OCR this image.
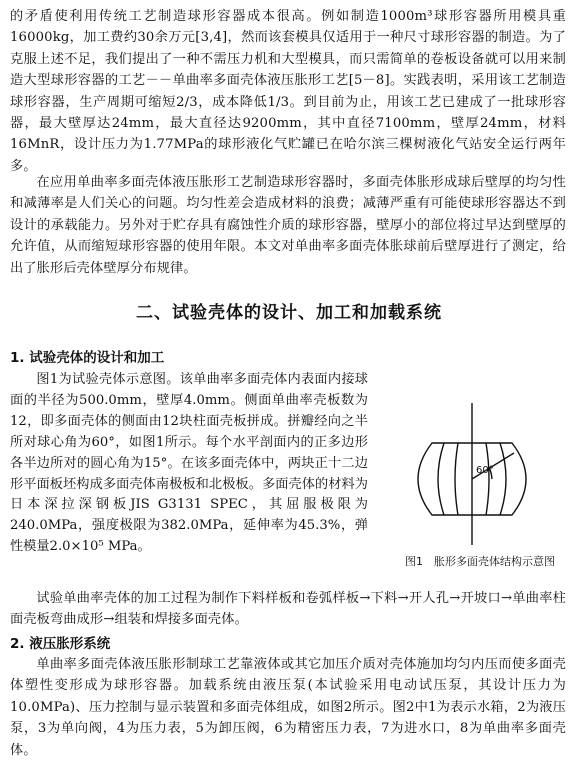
的矛盾使利用传统工艺制造球形容器成本很高。例如制造1000m³球形容器所用模具重16000kg，加工费约30余万元[3,4]，然而该套模具仅适用于一种尺寸球形容器的制造。为了克服上述不足，我们提出了一种不需压力机和大型模具，而只需简单的卷板设备就可以用来制造大型球形容器的工艺－－单曲率多面壳体液压胀形工艺[5－8]。实践表明，采用该工艺制造球形容器，生产周期可缩短2/3，成本降低1/3。到目前为止，用该工艺已建成了一批球形容器，最大壁厚达24mm，最大直径达9200mm，其中直径7100mm，壁厚24mm，材料16MnR，设计压力为1.77MPa的球形液化气贮罐已在哈尔滨三棵树液化气站安全运行两年多。

在应用单曲率多面壳体液压胀形工艺制造球形容器时，多面壳体胀形成球后壁厚的均匀性和减薄率是人们关心的问题。均匀性差会造成材料的浪费；减薄严重有可能使球形容器达不到设计的承载能力。另外对于贮存具有腐蚀性介质的球形容器，壁厚小的部位将过早达到壁厚的允许值，从而缩短球形容器的使用年限。本文对单曲率多面壳体胀球前后壁厚进行了测定，给出了胀形后壳体壁厚分布规律。

二、试验壳体的设计、加工和加载系统
1. 试验壳体的设计和加工

图1为试验壳体示意图。该单曲率多面壳体内表面内接球面的半径为500.0mm，壁厚4.0mm。侧面单曲率壳板数为12，即多面壳体的侧面由12块柱面壳板拼成。拼瓣经向之半所对球心角为60°，如图1所示。每个水平剖面内的正多边形各半边所对的圆心角为15°。在该多面壳体中，两块正十二边形平面板坯构成多面壳体南极板和北极板。多面壳体的材料为日本深拉深钢板JIS G3131 SPEC，其屈服极限为240.0MPa，强度极限为382.0MPa，延伸率为45.3%，弹性模量2.0×10⁵ MPa。

60°
图1　胀形多面壳体结构示意图

试验单曲率壳体的加工过程为制作下料样板和卷弧样板→下料→开人孔→开坡口→单曲率柱面壳板弯曲成形→组装和焊接多面壳体。

2. 液压胀形系统

单曲率多面壳体液压胀形制球工艺靠液体或其它加压介质对壳体施加均匀内压而使多面壳体塑性变形成为球形容器。加载系统由液压泵(本试验采用电动试压泵，其设计压力为10.0MPa)、压力控制与显示装置和多面壳体组成，如图2所示。图2中1为表示水箱，2为液压泵，3为单向阀，4为压力表，5为卸压阀，6为精密压力表，7为进水口，8为单曲率多面壳体。
